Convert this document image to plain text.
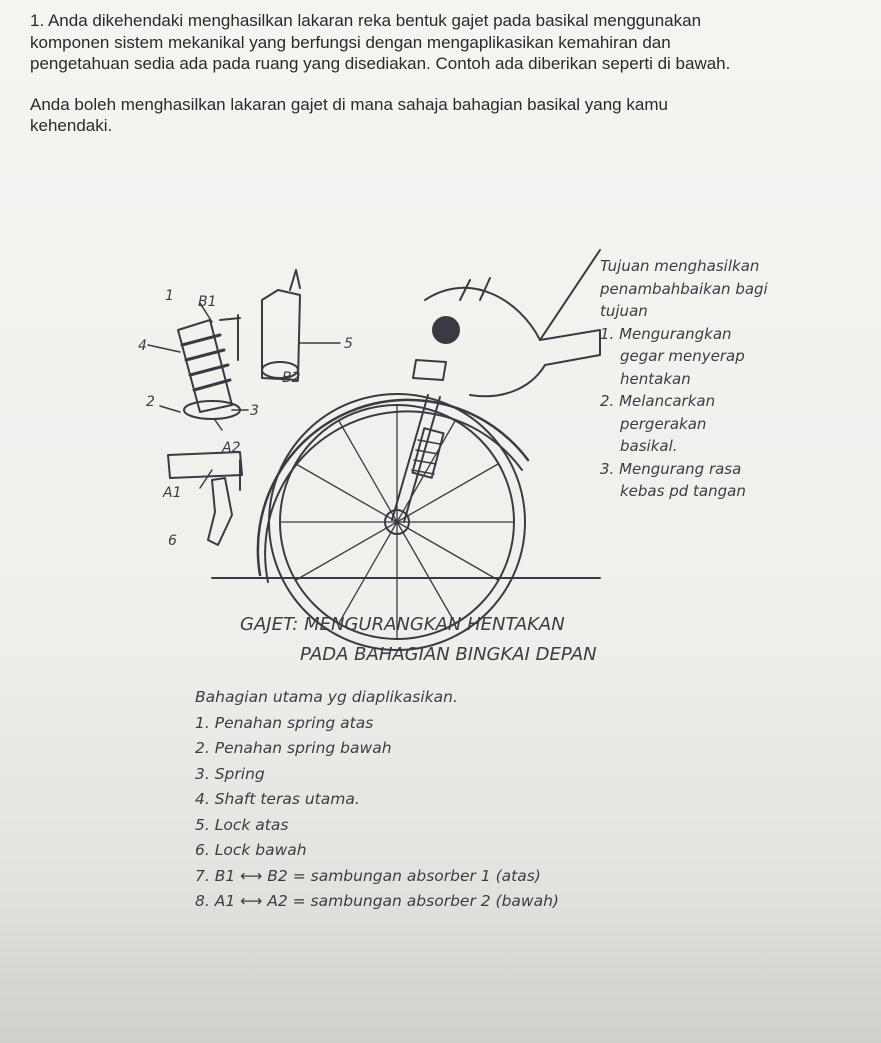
1. Anda dikehendaki menghasilkan lakaran reka bentuk gajet pada basikal menggunakan

komponen sistem mekanikal yang berfungsi dengan mengaplikasikan kemahiran dan

pengetahuan sedia ada pada ruang yang disediakan. Contoh ada diberikan seperti di bawah.

Anda boleh menghasilkan lakaran gajet di mana sahaja bahagian basikal yang kamu

kehendaki.

1 B1
4	5
B2
2
3
A2
A1
6
Tujuan menghasilkan
penambahbaikan bagi
tujuan
1. Mengurangkan
gegar menyerap
hentakan
2. Melancarkan
pergerakan
basikal.
3. Mengurang rasa
kebas pd tangan
GAJET: MENGURANGKAN HENTAKAN
PADA BAHAGIAN BINGKAI DEPAN
Bahagian utama yg diaplikasikan.
1. Penahan spring atas
2. Penahan spring bawah
3. Spring
4. Shaft teras utama.
5. Lock atas
6. Lock bawah
7. B1 ⟷ B2 = sambungan absorber 1 (atas)
8. A1 ⟷ A2 = sambungan absorber 2 (bawah)
